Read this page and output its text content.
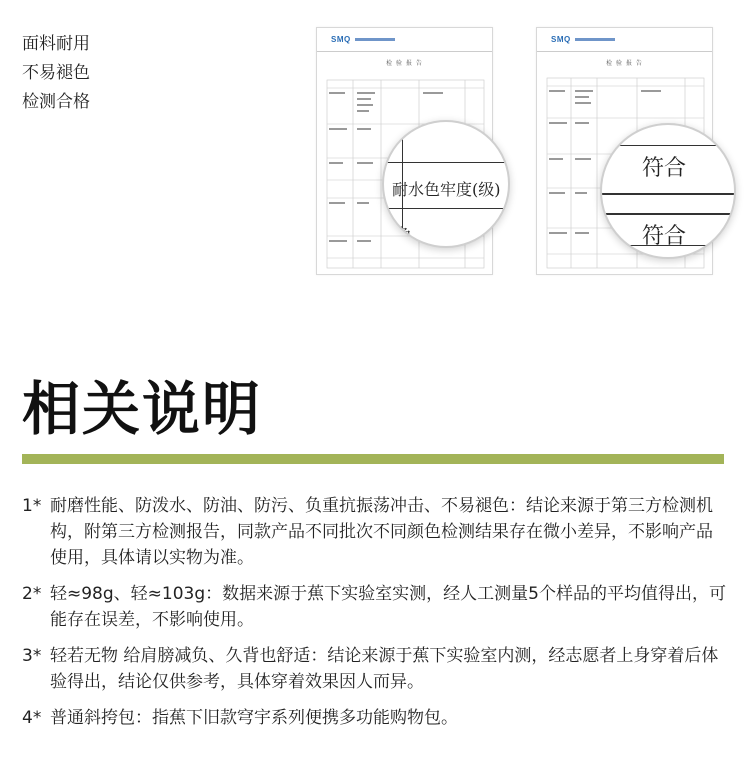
面料耐用
不易褪色
检测合格
SMQ
检 验 报 告
耐水色牢度(级)
色
SMQ
检 验 报 告
符合
符合
相关说明
1* 耐磨性能、防泼水、防油、防污、负重抗振荡冲击、不易褪色：结论来源于第三方检测机构，附第三方检测报告，同款产品不同批次不同颜色检测结果存在微小差异，不影响产品使用，具体请以实物为准。
2* 轻≈98g、轻≈103g：数据来源于蕉下实验室实测，经人工测量5个样品的平均值得出，可能存在误差，不影响使用。
3* 轻若无物 给肩膀减负、久背也舒适：结论来源于蕉下实验室内测，经志愿者上身穿着后体验得出，结论仅供参考，具体穿着效果因人而异。
4* 普通斜挎包：指蕉下旧款穹宇系列便携多功能购物包。
